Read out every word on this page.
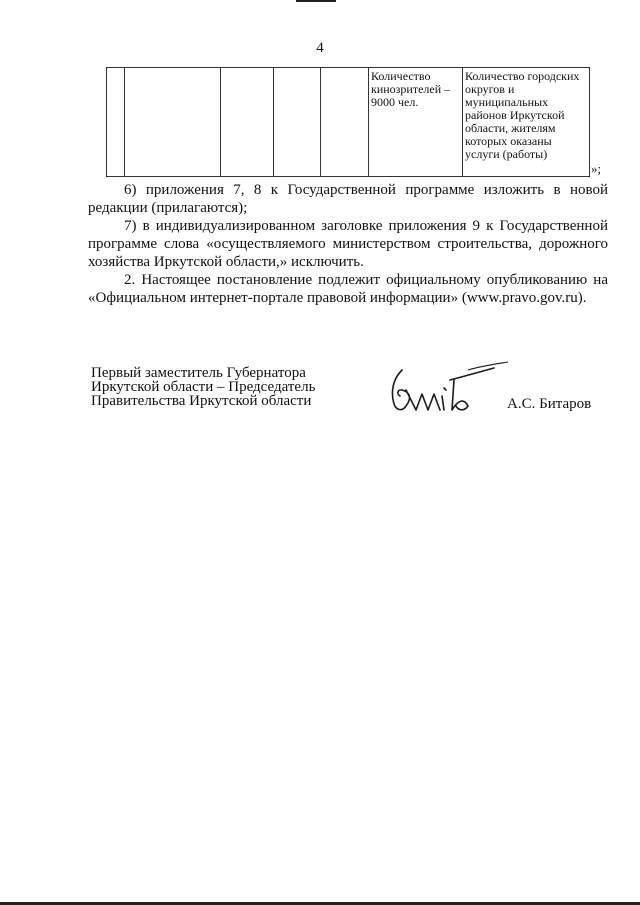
4
					Количество кинозрителей – 9000 чел.	Количество городских округов и муниципальных районов Иркутской области, жителям которых оказаны услуги (работы)
»;

6) приложения 7, 8 к Государственной программе изложить в новой редакции (прилагаются);

7) в индивидуализированном заголовке приложения 9 к Государственной программе слова «осуществляемого министерством строительства, дорожного хозяйства Иркутской области,» исключить.

2. Настоящее постановление подлежит официальному опубликованию на «Официальном интернет-портале правовой информации» (www.pravo.gov.ru).

Первый заместитель Губернатора
Иркутской области – Председатель
Правительства Иркутской области	А.С. Битаров
